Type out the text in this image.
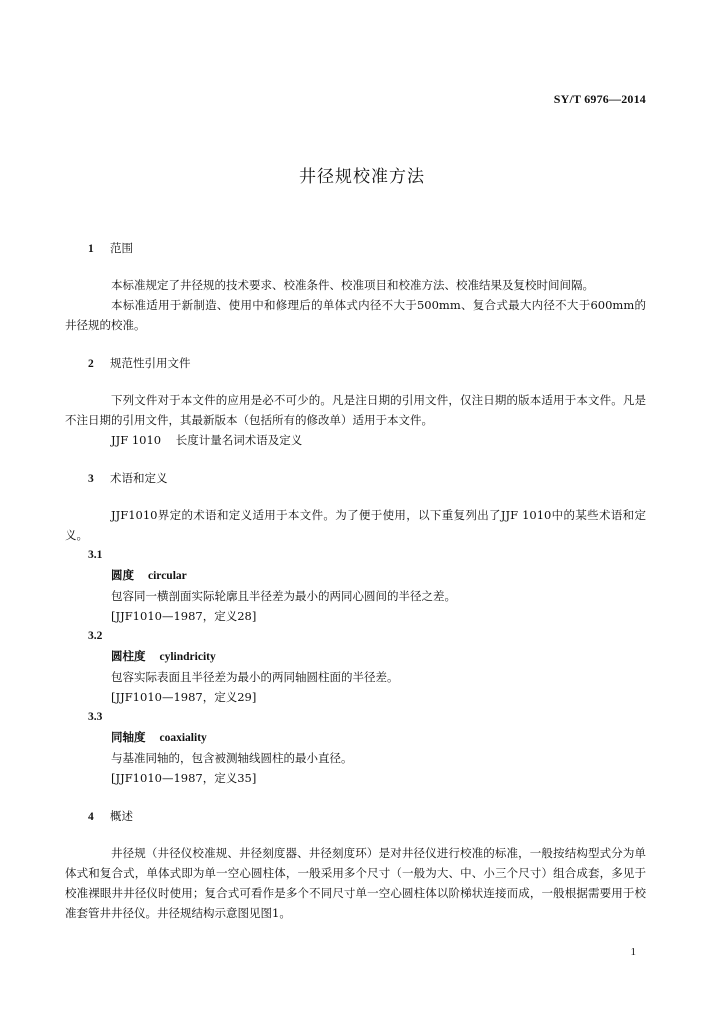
SY/T 6976—2014
井径规校准方法
1 范围

本标准规定了井径规的技术要求、校准条件、校准项目和校准方法、校准结果及复校时间间隔。

本标准适用于新制造、使用中和修理后的单体式内径不大于500mm、复合式最大内径不大于600mm的井径规的校准。

2 规范性引用文件

下列文件对于本文件的应用是必不可少的。凡是注日期的引用文件，仅注日期的版本适用于本文件。凡是不注日期的引用文件，其最新版本（包括所有的修改单）适用于本文件。

JJF 1010    长度计量名词术语及定义

3 术语和定义

JJF1010界定的术语和定义适用于本文件。为了便于使用，以下重复列出了JJF 1010中的某些术语和定义。

3.1

圆度 circular

包容同一横剖面实际轮廓且半径差为最小的两同心圆间的半径之差。

[JJF1010—1987，定义28]

3.2

圆柱度 cylindricity

包容实际表面且半径差为最小的两同轴圆柱面的半径差。

[JJF1010—1987，定义29]

3.3

同轴度 coaxiality

与基准同轴的，包含被测轴线圆柱的最小直径。

[JJF1010—1987，定义35]

4 概述

井径规（井径仪校准规、井径刻度器、井径刻度环）是对井径仪进行校准的标准，一般按结构型式分为单体式和复合式，单体式即为单一空心圆柱体，一般采用多个尺寸（一般为大、中、小三个尺寸）组合成套，多见于校准裸眼井井径仪时使用；复合式可看作是多个不同尺寸单一空心圆柱体以阶梯状连接而成，一般根据需要用于校准套管井井径仪。井径规结构示意图见图1。

1
